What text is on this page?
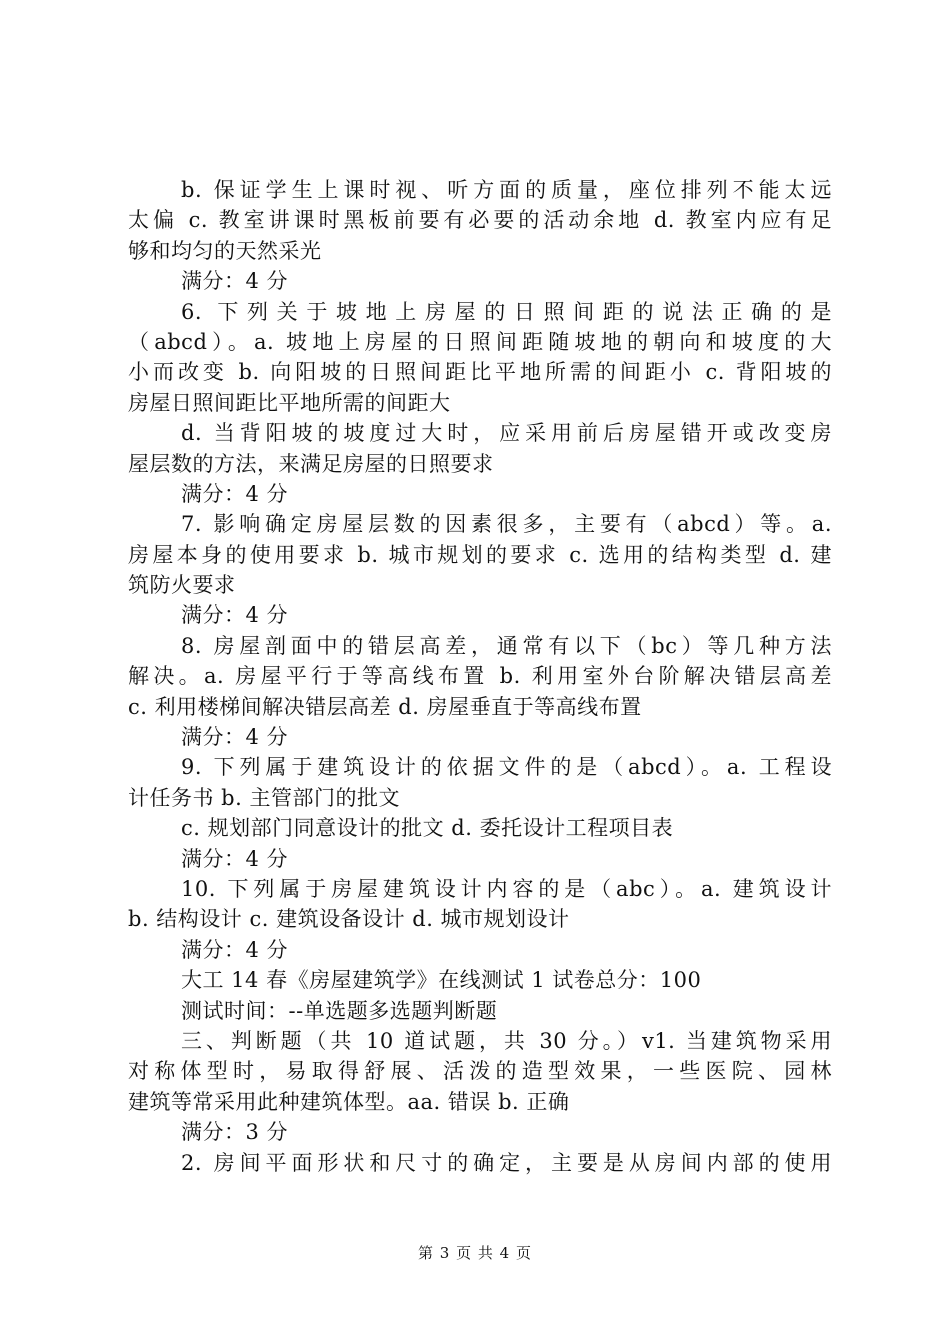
b. 保证学生上课时视、听方面的质量，座位排列不能太远
太偏 c. 教室讲课时黑板前要有必要的活动余地 d. 教室内应有足
够和均匀的天然采光
满分：4 分
6. 下列关于坡地上房屋的日照间距的说法正确的是
（abcd）。a. 坡地上房屋的日照间距随坡地的朝向和坡度的大
小而改变 b. 向阳坡的日照间距比平地所需的间距小 c. 背阳坡的
房屋日照间距比平地所需的间距大
d. 当背阳坡的坡度过大时，应采用前后房屋错开或改变房
屋层数的方法，来满足房屋的日照要求
满分：4 分
7. 影响确定房屋层数的因素很多，主要有（abcd）等。a.
房屋本身的使用要求 b. 城市规划的要求 c. 选用的结构类型 d. 建
筑防火要求
满分：4 分
8. 房屋剖面中的错层高差，通常有以下（bc）等几种方法
解决。a. 房屋平行于等高线布置 b. 利用室外台阶解决错层高差
c. 利用楼梯间解决错层高差 d. 房屋垂直于等高线布置
满分：4 分
9. 下列属于建筑设计的依据文件的是（abcd）。a. 工程设
计任务书 b. 主管部门的批文
c. 规划部门同意设计的批文 d. 委托设计工程项目表
满分：4 分
10. 下列属于房屋建筑设计内容的是（abc）。a. 建筑设计
b. 结构设计 c. 建筑设备设计 d. 城市规划设计
满分：4 分
大工 14 春《房屋建筑学》在线测试 1 试卷总分：100
测试时间：--单选题多选题判断题
三、判断题（共 10 道试题，共 30 分。）v1. 当建筑物采用
对称体型时，易取得舒展、活泼的造型效果，一些医院、园林
建筑等常采用此种建筑体型。aa. 错误 b. 正确
满分：3 分
2. 房间平面形状和尺寸的确定，主要是从房间内部的使用
第 3 页 共 4 页
